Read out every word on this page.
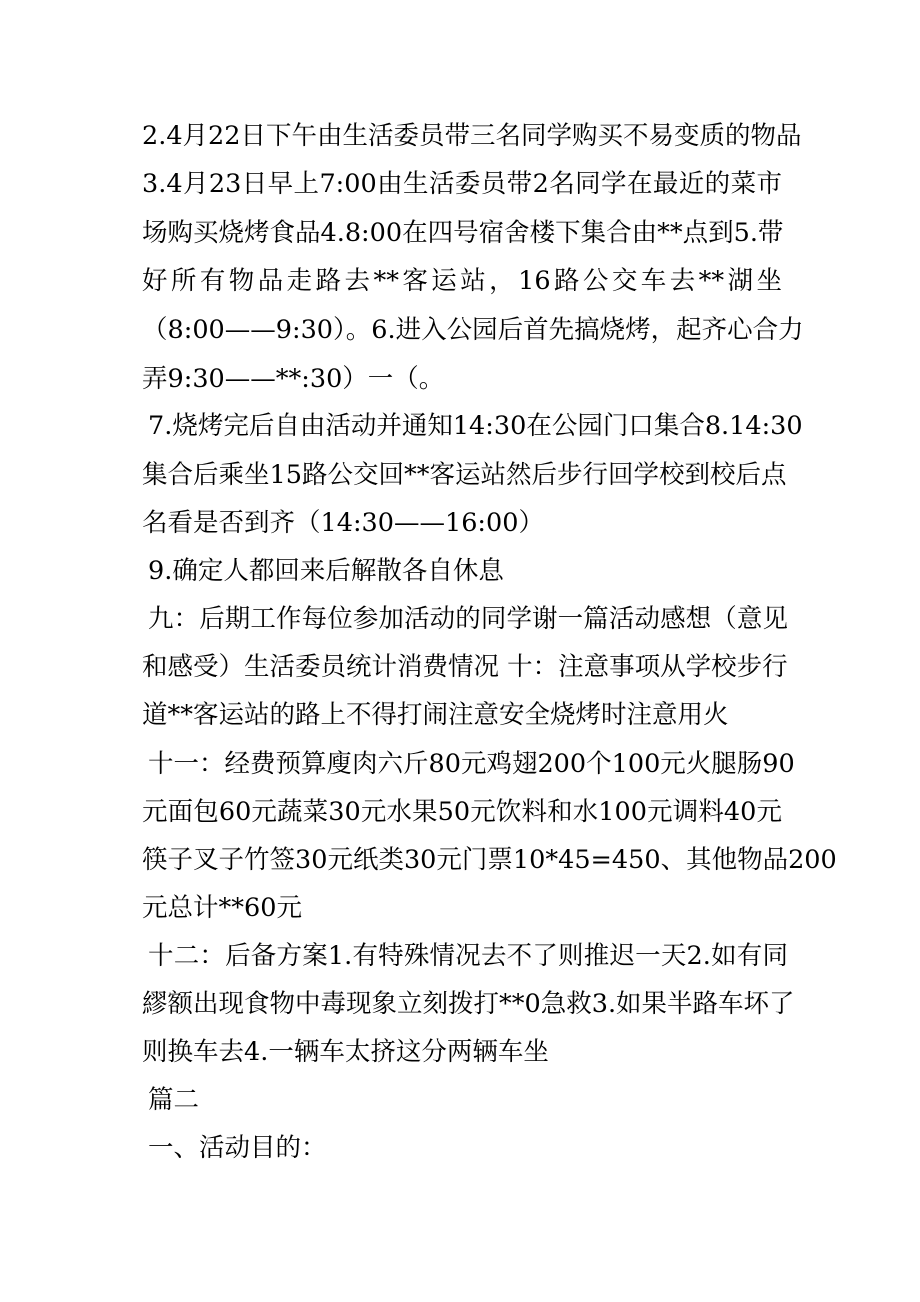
2.4月22日下午由生活委员带三名同学购买不易变质的物品
3.4月23日早上7:00由生活委员带2名同学在最近的菜市
场购买烧烤食品4.8:00在四号宿舍楼下集合由**点到5.带
好所有物品走路去**客运站，16路公交车去**湖坐
（8:00——9:30）。6.进入公园后首先搞烧烤，起齐心合力
弄9:30——**:30）一（。
7.烧烤完后自由活动并通知14:30在公园门口集合8.14:30
集合后乘坐15路公交回**客运站然后步行回学校到校后点
名看是否到齐（14:30——16:00）
9.确定人都回来后解散各自休息
九：后期工作每位参加活动的同学谢一篇活动感想（意见
和感受）生活委员统计消费情况 十：注意事项从学校步行
道**客运站的路上不得打闹注意安全烧烤时注意用火
十一：经费预算廋肉六斤80元鸡翅200个100元火腿肠90
元面包60元蔬菜30元水果50元饮料和水100元调料40元
筷子叉子竹签30元纸类30元门票10*45=450、其他物品200
元总计**60元
十二：后备方案1.有特殊情况去不了则推迟一天2.如有同
繆额出现食物中毒现象立刻拨打**0急救3.如果半路车坏了
则换车去4.一辆车太挤这分两辆车坐
篇二
一、活动目的：
